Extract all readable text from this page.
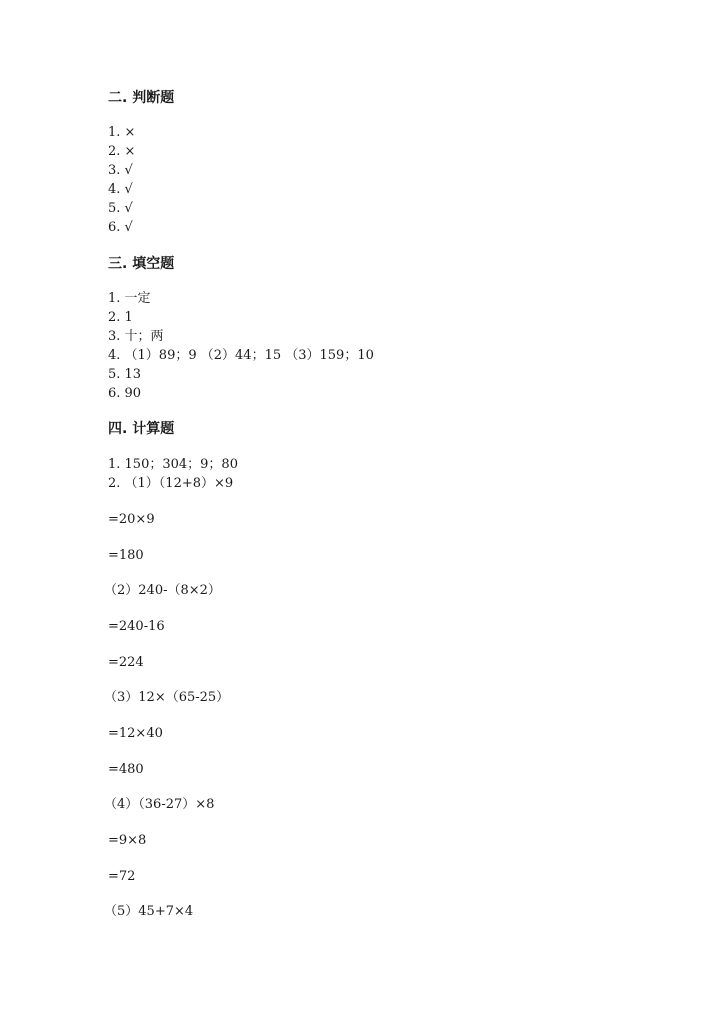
二. 判断题
1. ×
2. ×
3. √
4. √
5. √
6. √
三. 填空题
1. 一定
2. 1
3. 十；两
4. （1）89；9 （2）44；15 （3）159；10
5. 13
6. 90
四. 计算题
1. 150；304；9；80
2. （1）（12+8）×9
=20×9
=180
（2）240-（8×2）
=240-16
=224
（3）12×（65-25）
=12×40
=480
（4）（36-27）×8
=9×8
=72
（5）45+7×4
